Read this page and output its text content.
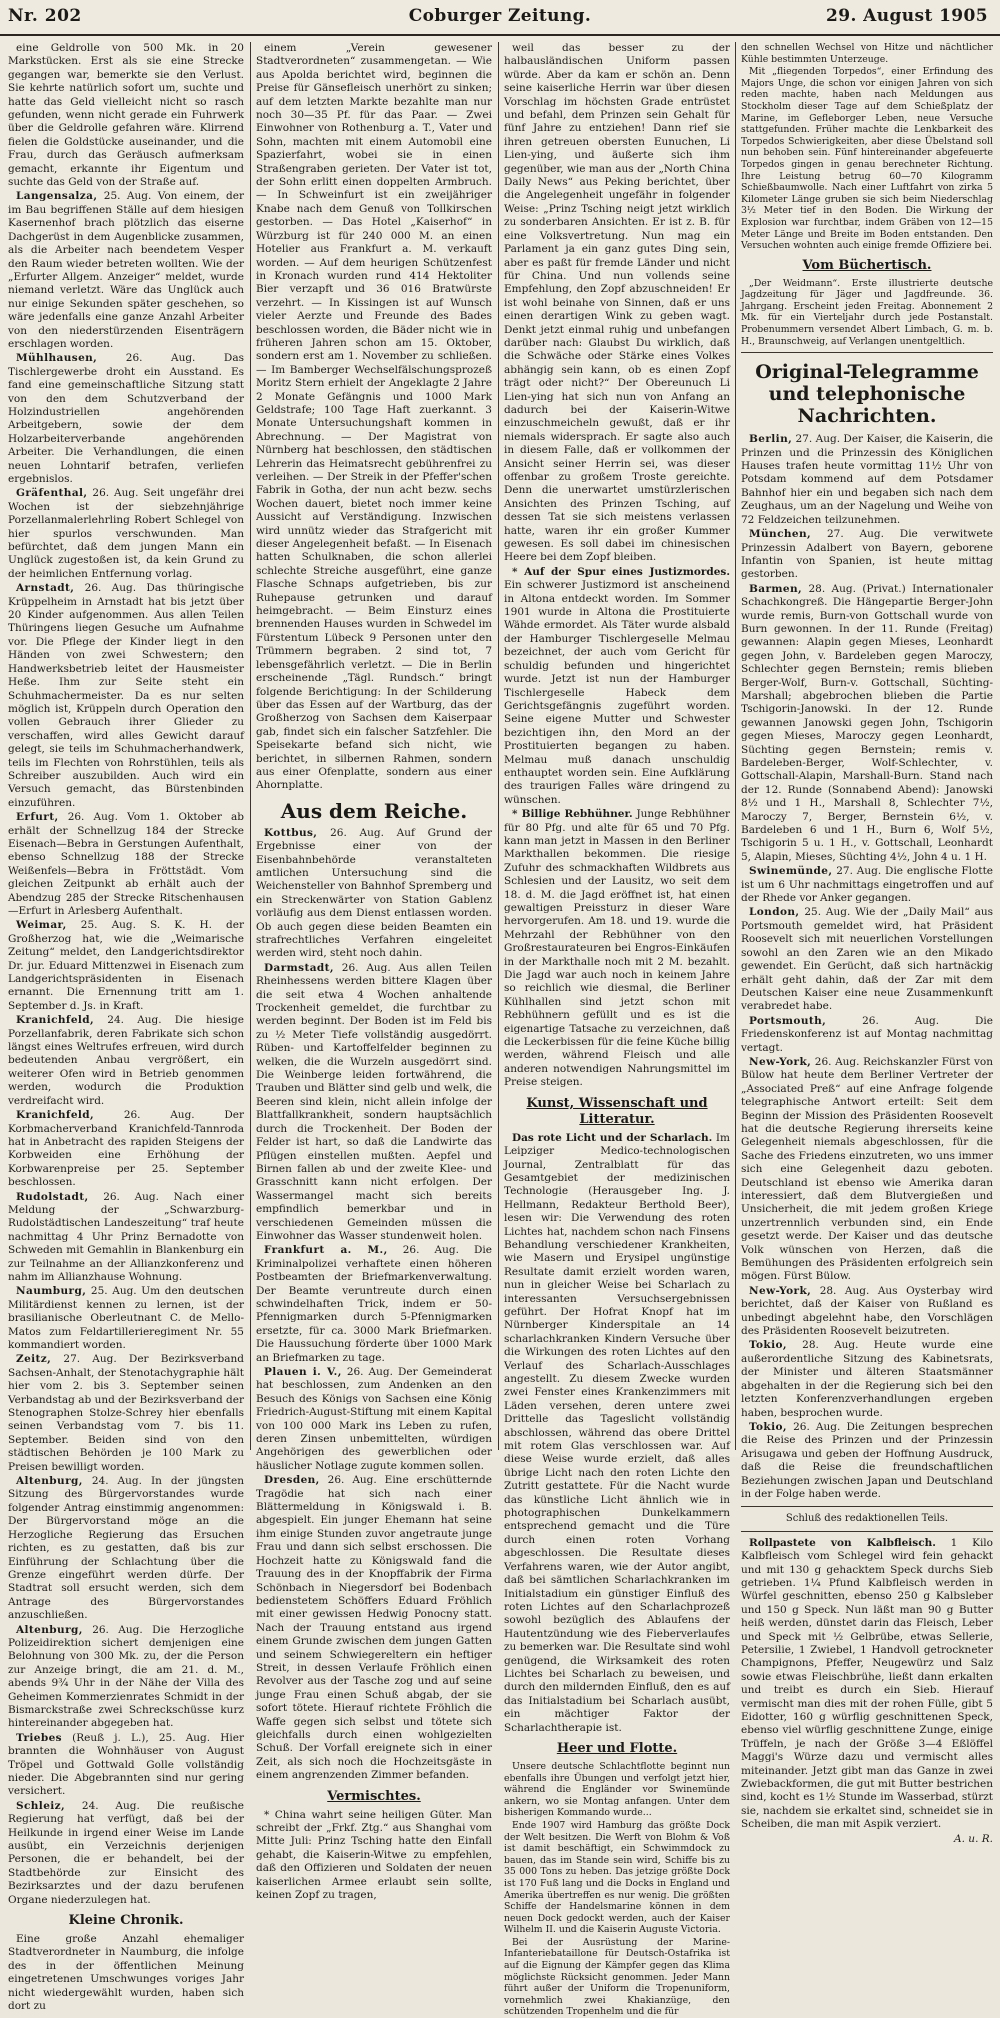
Nr. 202	Coburger Zeitung.	29. August 1905

eine Geldrolle von 500 Mk. in 20 Markstücken. Erst als sie eine Strecke gegangen war, bemerkte sie den Verlust. Sie kehrte natürlich sofort um, suchte und hatte das Geld vielleicht nicht so rasch gefunden, wenn nicht gerade ein Fuhrwerk über die Geldrolle gefahren wäre. Klirrend fielen die Goldstücke auseinander, und die Frau, durch das Geräusch aufmerksam gemacht, erkannte ihr Eigentum und suchte das Geld von der Straße auf.

Langensalza, 25. Aug. Von einem, der im Bau begriffenen Ställe auf dem hiesigen Kasernenhof brach plötzlich das eiserne Dachgerüst in dem Augenblicke zusammen, als die Arbeiter nach beendetem Vesper den Raum wieder betreten wollten. Wie der „Erfurter Allgem. Anzeiger“ meldet, wurde niemand verletzt. Wäre das Unglück auch nur einige Sekunden später geschehen, so wäre jedenfalls eine ganze Anzahl Arbeiter von den niederstürzenden Eisenträgern erschlagen worden.

Mühlhausen, 26. Aug. Das Tischlergewerbe droht ein Ausstand. Es fand eine gemeinschaftliche Sitzung statt von den dem Schutzverband der Holzindustriellen angehörenden Arbeitgebern, sowie der dem Holzarbeiterverbande angehörenden Arbeiter. Die Verhandlungen, die einen neuen Lohntarif betrafen, verliefen ergebnislos.

Gräfenthal, 26. Aug. Seit ungefähr drei Wochen ist der siebzehnjährige Porzellanmalerlehrling Robert Schlegel von hier spurlos verschwunden. Man befürchtet, daß dem jungen Mann ein Unglück zugestoßen ist, da kein Grund zu der heimlichen Entfernung vorlag.

Arnstadt, 26. Aug. Das thüringische Krüppelheim in Arnstadt hat bis jetzt über 20 Kinder aufgenommen. Aus allen Teilen Thüringens liegen Gesuche um Aufnahme vor. Die Pflege der Kinder liegt in den Händen von zwei Schwestern; den Handwerksbetrieb leitet der Hausmeister Heße. Ihm zur Seite steht ein Schuhmachermeister. Da es nur selten möglich ist, Krüppeln durch Operation den vollen Gebrauch ihrer Glieder zu verschaffen, wird alles Gewicht darauf gelegt, sie teils im Schuhmacherhandwerk, teils im Flechten von Rohrstühlen, teils als Schreiber auszubilden. Auch wird ein Versuch gemacht, das Bürstenbinden einzuführen.

Erfurt, 26. Aug. Vom 1. Oktober ab erhält der Schnellzug 184 der Strecke Eisenach—Bebra in Gerstungen Aufenthalt, ebenso Schnellzug 188 der Strecke Weißenfels—Bebra in Fröttstädt. Vom gleichen Zeitpunkt ab erhält auch der Abendzug 285 der Strecke Ritschenhausen—Erfurt in Arlesberg Aufenthalt.

Weimar, 25. Aug. S. K. H. der Großherzog hat, wie die „Weimarische Zeitung“ meldet, den Landgerichtsdirektor Dr. jur. Eduard Mittenzwei in Eisenach zum Landgerichtspräsidenten in Eisenach ernannt. Die Ernennung tritt am 1. September d. Js. in Kraft.

Kranichfeld, 24. Aug. Die hiesige Porzellanfabrik, deren Fabrikate sich schon längst eines Weltrufes erfreuen, wird durch bedeutenden Anbau vergrößert, ein weiterer Ofen wird in Betrieb genommen werden, wodurch die Produktion verdreifacht wird.

Kranichfeld, 26. Aug. Der Korbmacherverband Kranichfeld-Tannroda hat in Anbetracht des rapiden Steigens der Korbweiden eine Erhöhung der Korbwarenpreise per 25. September beschlossen.

Rudolstadt, 26. Aug. Nach einer Meldung der „Schwarzburg-Rudolstädtischen Landeszeitung“ traf heute nachmittag 4 Uhr Prinz Bernadotte von Schweden mit Gemahlin in Blankenburg ein zur Teilnahme an der Allianzkonferenz und nahm im Allianzhause Wohnung.

Naumburg, 25. Aug. Um den deutschen Militärdienst kennen zu lernen, ist der brasilianische Oberleutnant C. de Mello-Matos zum Feldartillerieregiment Nr. 55 kommandiert worden.

Zeitz, 27. Aug. Der Bezirksverband Sachsen-Anhalt, der Stenotachygraphie hält hier vom 2. bis 3. September seinen Verbandstag ab und der Bezirksverband der Stenographen Stolze-Schrey hier ebenfalls seinen Verbandstag vom 7. bis 11. September. Beiden sind von den städtischen Behörden je 100 Mark zu Preisen bewilligt worden.

Altenburg, 24. Aug. In der jüngsten Sitzung des Bürgervorstandes wurde folgender Antrag einstimmig angenommen: Der Bürgervorstand möge an die Herzogliche Regierung das Ersuchen richten, es zu gestatten, daß bis zur Einführung der Schlachtung über die Grenze eingeführt werden dürfe. Der Stadtrat soll ersucht werden, sich dem Antrage des Bürgervorstandes anzuschließen.

Altenburg, 26. Aug. Die Herzogliche Polizeidirektion sichert demjenigen eine Belohnung von 300 Mk. zu, der die Person zur Anzeige bringt, die am 21. d. M., abends 9¾ Uhr in der Nähe der Villa des Geheimen Kommerzienrates Schmidt in der Bismarckstraße zwei Schreckschüsse kurz hintereinander abgegeben hat.

Triebes (Reuß j. L.), 25. Aug. Hier brannten die Wohnhäuser von August Tröpel und Gottwald Golle vollständig nieder. Die Abgebrannten sind nur gering versichert.

Schleiz, 24. Aug. Die reußische Regierung hat verfügt, daß bei der Heilkunde in irgend einer Weise im Lande ausübt, ein Verzeichnis derjenigen Personen, die er behandelt, bei der Stadtbehörde zur Einsicht des Bezirksarztes und der dazu berufenen Organe niederzulegen hat.

Kleine Chronik.

Eine große Anzahl ehemaliger Stadtverordneter in Naumburg, die infolge des in der öffentlichen Meinung eingetretenen Umschwunges voriges Jahr nicht wiedergewählt wurden, haben sich dort zu

einem „Verein gewesener Stadtverordneten“ zusammengetan. — Wie aus Apolda berichtet wird, beginnen die Preise für Gänsefleisch unerhört zu sinken; auf dem letzten Markte bezahlte man nur noch 30—35 Pf. für das Paar. — Zwei Einwohner von Rothenburg a. T., Vater und Sohn, machten mit einem Automobil eine Spazierfahrt, wobei sie in einen Straßengraben gerieten. Der Vater ist tot, der Sohn erlitt einen doppelten Armbruch. — In Schweinfurt ist ein zweijähriger Knabe nach dem Genuß von Tollkirschen gestorben. — Das Hotel „Kaiserhof“ in Würzburg ist für 240 000 M. an einen Hotelier aus Frankfurt a. M. verkauft worden. — Auf dem heurigen Schützenfest in Kronach wurden rund 414 Hektoliter Bier verzapft und 36 016 Bratwürste verzehrt. — In Kissingen ist auf Wunsch vieler Aerzte und Freunde des Bades beschlossen worden, die Bäder nicht wie in früheren Jahren schon am 15. Oktober, sondern erst am 1. November zu schließen. — Im Bamberger Wechselfälschungsprozeß Moritz Stern erhielt der Angeklagte 2 Jahre 2 Monate Gefängnis und 1000 Mark Geldstrafe; 100 Tage Haft zuerkannt. 3 Monate Untersuchungshaft kommen in Abrechnung. — Der Magistrat von Nürnberg hat beschlossen, den städtischen Lehrerin das Heimatsrecht gebührenfrei zu verleihen. — Der Streik in der Pfeffer'schen Fabrik in Gotha, der nun acht bezw. sechs Wochen dauert, bietet noch immer keine Aussicht auf Verständigung. Inzwischen wird unnütz wieder das Strafgericht mit dieser Angelegenheit befaßt. — In Eisenach hatten Schulknaben, die schon allerlei schlechte Streiche ausgeführt, eine ganze Flasche Schnaps aufgetrieben, bis zur Ruhepause getrunken und darauf heimgebracht. — Beim Einsturz eines brennenden Hauses wurden in Schwedel im Fürstentum Lübeck 9 Personen unter den Trümmern begraben. 2 sind tot, 7 lebensgefährlich verletzt. — Die in Berlin erscheinende „Tägl. Rundsch.“ bringt folgende Berichtigung: In der Schilderung über das Essen auf der Wartburg, das der Großherzog von Sachsen dem Kaiserpaar gab, findet sich ein falscher Satzfehler. Die Speisekarte befand sich nicht, wie berichtet, in silbernen Rahmen, sondern aus einer Ofenplatte, sondern aus einer Ahornplatte.

Aus dem Reiche.

Kottbus, 26. Aug. Auf Grund der Ergebnisse einer von der Eisenbahnbehörde veranstalteten amtlichen Untersuchung sind die Weichensteller von Bahnhof Spremberg und ein Streckenwärter von Station Gablenz vorläufig aus dem Dienst entlassen worden. Ob auch gegen diese beiden Beamten ein strafrechtliches Verfahren eingeleitet werden wird, steht noch dahin.

Darmstadt, 26. Aug. Aus allen Teilen Rheinhessens werden bittere Klagen über die seit etwa 4 Wochen anhaltende Trockenheit gemeldet, die furchtbar zu werden beginnt. Der Boden ist im Feld bis zu ½ Meter Tiefe vollständig ausgedörrt. Rüben- und Kartoffelfelder beginnen zu welken, die die Wurzeln ausgedörrt sind. Die Weinberge leiden fortwährend, die Trauben und Blätter sind gelb und welk, die Beeren sind klein, nicht allein infolge der Blattfallkrankheit, sondern hauptsächlich durch die Trockenheit. Der Boden der Felder ist hart, so daß die Landwirte das Pflügen einstellen mußten. Aepfel und Birnen fallen ab und der zweite Klee- und Grasschnitt kann nicht erfolgen. Der Wassermangel macht sich bereits empfindlich bemerkbar und in verschiedenen Gemeinden müssen die Einwohner das Wasser stundenweit holen.

Frankfurt a. M., 26. Aug. Die Kriminalpolizei verhaftete einen höheren Postbeamten der Briefmarkenverwaltung. Der Beamte veruntreute durch einen schwindelhaften Trick, indem er 50-Pfennigmarken durch 5-Pfennigmarken ersetzte, für ca. 3000 Mark Briefmarken. Die Haussuchung förderte über 1000 Mark an Briefmarken zu tage.

Plauen i. V., 26. Aug. Der Gemeinderat hat beschlossen, zum Andenken an den Besuch des Königs von Sachsen eine König Friedrich-August-Stiftung mit einem Kapital von 100 000 Mark ins Leben zu rufen, deren Zinsen unbemittelten, würdigen Angehörigen des gewerblichen oder häuslicher Notlage zugute kommen sollen.

Dresden, 26. Aug. Eine erschütternde Tragödie hat sich nach einer Blättermeldung in Königswald i. B. abgespielt. Ein junger Ehemann hat seine ihm einige Stunden zuvor angetraute junge Frau und dann sich selbst erschossen. Die Hochzeit hatte zu Königswald fand die Trauung des in der Knopffabrik der Firma Schönbach in Niegersdorf bei Bodenbach bedienstetem Schöffers Eduard Fröhlich mit einer gewissen Hedwig Ponocny statt. Nach der Trauung entstand aus irgend einem Grunde zwischen dem jungen Gatten und seinem Schwiegereltern ein heftiger Streit, in dessen Verlaufe Fröhlich einen Revolver aus der Tasche zog und auf seine junge Frau einen Schuß abgab, der sie sofort tötete. Hierauf richtete Fröhlich die Waffe gegen sich selbst und tötete sich gleichfalls durch einen wohlgezielten Schuß. Der Vorfall ereignete sich in einer Zeit, als sich noch die Hochzeitsgäste in einem angrenzenden Zimmer befanden.

Vermischtes.

* China wahrt seine heiligen Güter. Man schreibt der „Frkf. Ztg.“ aus Shanghai vom Mitte Juli: Prinz Tsching hatte den Einfall gehabt, die Kaiserin-Witwe zu empfehlen, daß den Offizieren und Soldaten der neuen kaiserlichen Armee erlaubt sein sollte, keinen Zopf zu tragen,

weil das besser zu der halbausländischen Uniform passen würde. Aber da kam er schön an. Denn seine kaiserliche Herrin war über diesen Vorschlag im höchsten Grade entrüstet und befahl, dem Prinzen sein Gehalt für fünf Jahre zu entziehen! Dann rief sie ihren getreuen obersten Eunuchen, Li Lien-ying, und äußerte sich ihm gegenüber, wie man aus der „North China Daily News“ aus Peking berichtet, über die Angelegenheit ungefähr in folgender Weise: „Prinz Tsching neigt jetzt wirklich zu sonderbaren Ansichten. Er ist z. B. für eine Volksvertretung. Nun mag ein Parlament ja ein ganz gutes Ding sein, aber es paßt für fremde Länder und nicht für China. Und nun vollends seine Empfehlung, den Zopf abzuschneiden! Er ist wohl beinahe von Sinnen, daß er uns einen derartigen Wink zu geben wagt. Denkt jetzt einmal ruhig und unbefangen darüber nach: Glaubst Du wirklich, daß die Schwäche oder Stärke eines Volkes abhängig sein kann, ob es einen Zopf trägt oder nicht?“ Der Obereunuch Li Lien-ying hat sich nun von Anfang an dadurch bei der Kaiserin-Witwe einzuschmeicheln gewußt, daß er ihr niemals widersprach. Er sagte also auch in diesem Falle, daß er vollkommen der Ansicht seiner Herrin sei, was dieser offenbar zu großem Troste gereichte. Denn die unerwartet umstürzlerischen Ansichten des Prinzen Tsching, auf dessen Tat sie sich meistens verlassen hatte, waren ihr ein großer Kummer gewesen. Es soll dabei im chinesischen Heere bei dem Zopf bleiben.

* Auf der Spur eines Justizmordes. Ein schwerer Justizmord ist anscheinend in Altona entdeckt worden. Im Sommer 1901 wurde in Altona die Prostituierte Wähde ermordet. Als Täter wurde alsbald der Hamburger Tischlergeselle Melmau bezeichnet, der auch vom Gericht für schuldig befunden und hingerichtet wurde. Jetzt ist nun der Hamburger Tischlergeselle Habeck dem Gerichtsgefängnis zugeführt worden. Seine eigene Mutter und Schwester bezichtigen ihn, den Mord an der Prostituierten begangen zu haben. Melmau muß danach unschuldig enthauptet worden sein. Eine Aufklärung des traurigen Falles wäre dringend zu wünschen.

* Billige Rebhühner. Junge Rebhühner für 80 Pfg. und alte für 65 und 70 Pfg. kann man jetzt in Massen in den Berliner Markthallen bekommen. Die riesige Zufuhr des schmackhaften Wildbrets aus Schlesien und der Lausitz, wo seit dem 18. d. M. die Jagd eröffnet ist, hat einen gewaltigen Preissturz in dieser Ware hervorgerufen. Am 18. und 19. wurde die Mehrzahl der Rebhühner von den Großrestaurateuren bei Engros-Einkäufen in der Markthalle noch mit 2 M. bezahlt. Die Jagd war auch noch in keinem Jahre so reichlich wie diesmal, die Berliner Kühlhallen sind jetzt schon mit Rebhühnern gefüllt und es ist die eigenartige Tatsache zu verzeichnen, daß die Leckerbissen für die feine Küche billig werden, während Fleisch und alle anderen notwendigen Nahrungsmittel im Preise steigen.

Kunst, Wissenschaft und Litteratur.

Das rote Licht und der Scharlach. Im Leipziger Medico-technologischen Journal, Zentralblatt für das Gesamtgebiet der medizinischen Technologie (Herausgeber Ing. J. Hellmann, Redakteur Berthold Beer), lesen wir: Die Verwendung des roten Lichtes hat, nachdem schon nach Finsens Behandlung verschiedener Krankheiten, wie Masern und Erysipel ungünstige Resultate damit erzielt worden waren, nun in gleicher Weise bei Scharlach zu interessanten Versuchsergebnissen geführt. Der Hofrat Knopf hat im Nürnberger Kinderspitale an 14 scharlachkranken Kindern Versuche über die Wirkungen des roten Lichtes auf den Verlauf des Scharlach-Ausschlages angestellt. Zu diesem Zwecke wurden zwei Fenster eines Krankenzimmers mit Läden versehen, deren untere zwei Drittelle das Tageslicht vollständig abschlossen, während das obere Drittel mit rotem Glas verschlossen war. Auf diese Weise wurde erzielt, daß alles übrige Licht nach den roten Lichte den Zutritt gestattete. Für die Nacht wurde das künstliche Licht ähnlich wie in photographischen Dunkelkammern entsprechend gemacht und die Türe durch einen roten Vorhang abgeschlossen. Die Resultate dieses Verfahrens waren, wie der Autor angibt, daß bei sämtlichen Scharlachkranken im Initialstadium ein günstiger Einfluß des roten Lichtes auf den Scharlachprozeß sowohl bezüglich des Ablaufens der Hautentzündung wie des Fieberverlaufes zu bemerken war. Die Resultate sind wohl genügend, die Wirksamkeit des roten Lichtes bei Scharlach zu beweisen, und durch den mildernden Einfluß, den es auf das Initialstadium bei Scharlach ausübt, ein mächtiger Faktor der Scharlachtherapie ist.

Heer und Flotte.

Unsere deutsche Schlachtflotte beginnt nun ebenfalls ihre Übungen und verfolgt jetzt hier, während die Engländer vor Swinemünde ankern, wo sie Montag anfangen. Unter dem bisherigen Kommando wurde...

Ende 1907 wird Hamburg das größte Dock der Welt besitzen. Die Werft von Blohm & Voß ist damit beschäftigt, ein Schwimmdock zu bauen, das im Stande sein wird, Schiffe bis zu 35 000 Tons zu heben. Das jetzige größte Dock ist 170 Fuß lang und die Docks in England und Amerika übertreffen es nur wenig. Die größten Schiffe der Handelsmarine können in dem neuen Dock gedockt werden, auch der Kaiser Wilhelm II. und die Kaiserin Auguste Victoria.

Bei der Ausrüstung der Marine-Infanteriebataillone für Deutsch-Ostafrika ist auf die Eignung der Kämpfer gegen das Klima möglichste Rücksicht genommen. Jeder Mann führt außer der Uniform die Tropenuniform, vornehmlich zwei Khakianzüge, den schützenden Tropenhelm und die für

den schnellen Wechsel von Hitze und nächtlicher Kühle bestimmten Unterzeuge.

Mit „fliegenden Torpedos“, einer Erfindung des Majors Unge, die schon vor einigen Jahren von sich reden machte, haben nach Meldungen aus Stockholm dieser Tage auf dem Schießplatz der Marine, im Gefleborger Leben, neue Versuche stattgefunden. Früher machte die Lenkbarkeit des Torpedos Schwierigkeiten, aber diese Übelstand soll nun behoben sein. Fünf hintereinander abgefeuerte Torpedos gingen in genau berechneter Richtung. Ihre Leistung betrug 60—70 Kilogramm Schießbaumwolle. Nach einer Luftfahrt von zirka 5 Kilometer Länge gruben sie sich beim Niederschlag 3½ Meter tief in den Boden. Die Wirkung der Explosion war furchtbar, indem Gräben von 12—15 Meter Länge und Breite im Boden entstanden. Den Versuchen wohnten auch einige fremde Offiziere bei.

Vom Büchertisch.

„Der Weidmann“. Erste illustrierte deutsche Jagdzeitung für Jäger und Jagdfreunde. 36. Jahrgang. Erscheint jeden Freitag. Abonnement 2 Mk. für ein Vierteljahr durch jede Postanstalt. Probenummern versendet Albert Limbach, G. m. b. H., Braunschweig, auf Verlangen unentgeltlich.

Original-Telegramme
und telephonische Nachrichten.

Berlin, 27. Aug. Der Kaiser, die Kaiserin, die Prinzen und die Prinzessin des Königlichen Hauses trafen heute vormittag 11½ Uhr von Potsdam kommend auf dem Potsdamer Bahnhof hier ein und begaben sich nach dem Zeughaus, um an der Nagelung und Weihe von 72 Feldzeichen teilzunehmen.

München, 27. Aug. Die verwitwete Prinzessin Adalbert von Bayern, geborene Infantin von Spanien, ist heute mittag gestorben.

Barmen, 28. Aug. (Privat.) Internationaler Schachkongreß. Die Hängepartie Berger-John wurde remis, Burn-von Gottschall wurde von Burn gewonnen. In der 11. Runde (Freitag) gewannen: Alapin gegen Mieses, Leonhardt gegen John, v. Bardeleben gegen Maroczy, Schlechter gegen Bernstein; remis blieben Berger-Wolf, Burn-v. Gottschall, Süchting-Marshall; abgebrochen blieben die Partie Tschigorin-Janowski. In der 12. Runde gewannen Janowski gegen John, Tschigorin gegen Mieses, Maroczy gegen Leonhardt, Süchting gegen Bernstein; remis v. Bardeleben-Berger, Wolf-Schlechter, v. Gottschall-Alapin, Marshall-Burn. Stand nach der 12. Runde (Sonnabend Abend): Janowski 8½ und 1 H., Marshall 8, Schlechter 7½, Maroczy 7, Berger, Bernstein 6½, v. Bardeleben 6 und 1 H., Burn 6, Wolf 5½, Tschigorin 5 u. 1 H., v. Gottschall, Leonhardt 5, Alapin, Mieses, Süchting 4½, John 4 u. 1 H.

Swinemünde, 27. Aug. Die englische Flotte ist um 6 Uhr nachmittags eingetroffen und auf der Rhede vor Anker gegangen.

London, 25. Aug. Wie der „Daily Mail“ aus Portsmouth gemeldet wird, hat Präsident Roosevelt sich mit neuerlichen Vorstellungen sowohl an den Zaren wie an den Mikado gewendet. Ein Gerücht, daß sich hartnäckig erhält geht dahin, daß der Zar mit dem Deutschen Kaiser eine neue Zusammenkunft verabredet habe.

Portsmouth, 26. Aug. Die Friedenskonferenz ist auf Montag nachmittag vertagt.

New-York, 26. Aug. Reichskanzler Fürst von Bülow hat heute dem Berliner Vertreter der „Associated Preß“ auf eine Anfrage folgende telegraphische Antwort erteilt: Seit dem Beginn der Mission des Präsidenten Roosevelt hat die deutsche Regierung ihrerseits keine Gelegenheit niemals abgeschlossen, für die Sache des Friedens einzutreten, wo uns immer sich eine Gelegenheit dazu geboten. Deutschland ist ebenso wie Amerika daran interessiert, daß dem Blutvergießen und Unsicherheit, die mit jedem großen Kriege unzertrennlich verbunden sind, ein Ende gesetzt werde. Der Kaiser und das deutsche Volk wünschen von Herzen, daß die Bemühungen des Präsidenten erfolgreich sein mögen. Fürst Bülow.

New-York, 28. Aug. Aus Oysterbay wird berichtet, daß der Kaiser von Rußland es unbedingt abgelehnt habe, den Vorschlägen des Präsidenten Roosevelt beizutreten.

Tokio, 28. Aug. Heute wurde eine außerordentliche Sitzung des Kabinetsrats, der Minister und älteren Staatsmänner abgehalten in der die Regierung sich bei den letzten Konferenzverhandlungen ergeben haben, besprochen wurde.

Tokio, 26. Aug. Die Zeitungen besprechen die Reise des Prinzen und der Prinzessin Arisugawa und geben der Hoffnung Ausdruck, daß die Reise die freundschaftlichen Beziehungen zwischen Japan und Deutschland in der Folge haben werde.

Schluß des redaktionellen Teils.

Rollpastete von Kalbfleisch. 1 Kilo Kalbfleisch vom Schlegel wird fein gehackt und mit 130 g gehacktem Speck durchs Sieb getrieben. 1¼ Pfund Kalbfleisch werden in Würfel geschnitten, ebenso 250 g Kalbsleber und 150 g Speck. Nun läßt man 90 g Butter heiß werden, dünstet darin das Fleisch, Leber und Speck mit ½ Gelbrübe, etwas Sellerie, Petersilie, 1 Zwiebel, 1 Handvoll getrockneter Champignons, Pfeffer, Neugewürz und Salz sowie etwas Fleischbrühe, ließt dann erkalten und treibt es durch ein Sieb. Hierauf vermischt man dies mit der rohen Fülle, gibt 5 Eidotter, 160 g würflig geschnittenen Speck, ebenso viel würflig geschnittene Zunge, einige Trüffeln, je nach der Größe 3—4 Eßlöffel Maggi's Würze dazu und vermischt alles miteinander. Jetzt gibt man das Ganze in zwei Zwiebackformen, die gut mit Butter bestrichen sind, kocht es 1½ Stunde im Wasserbad, stürzt sie, nachdem sie erkaltet sind, schneidet sie in Scheiben, die man mit Aspik verziert.

A. u. R.
